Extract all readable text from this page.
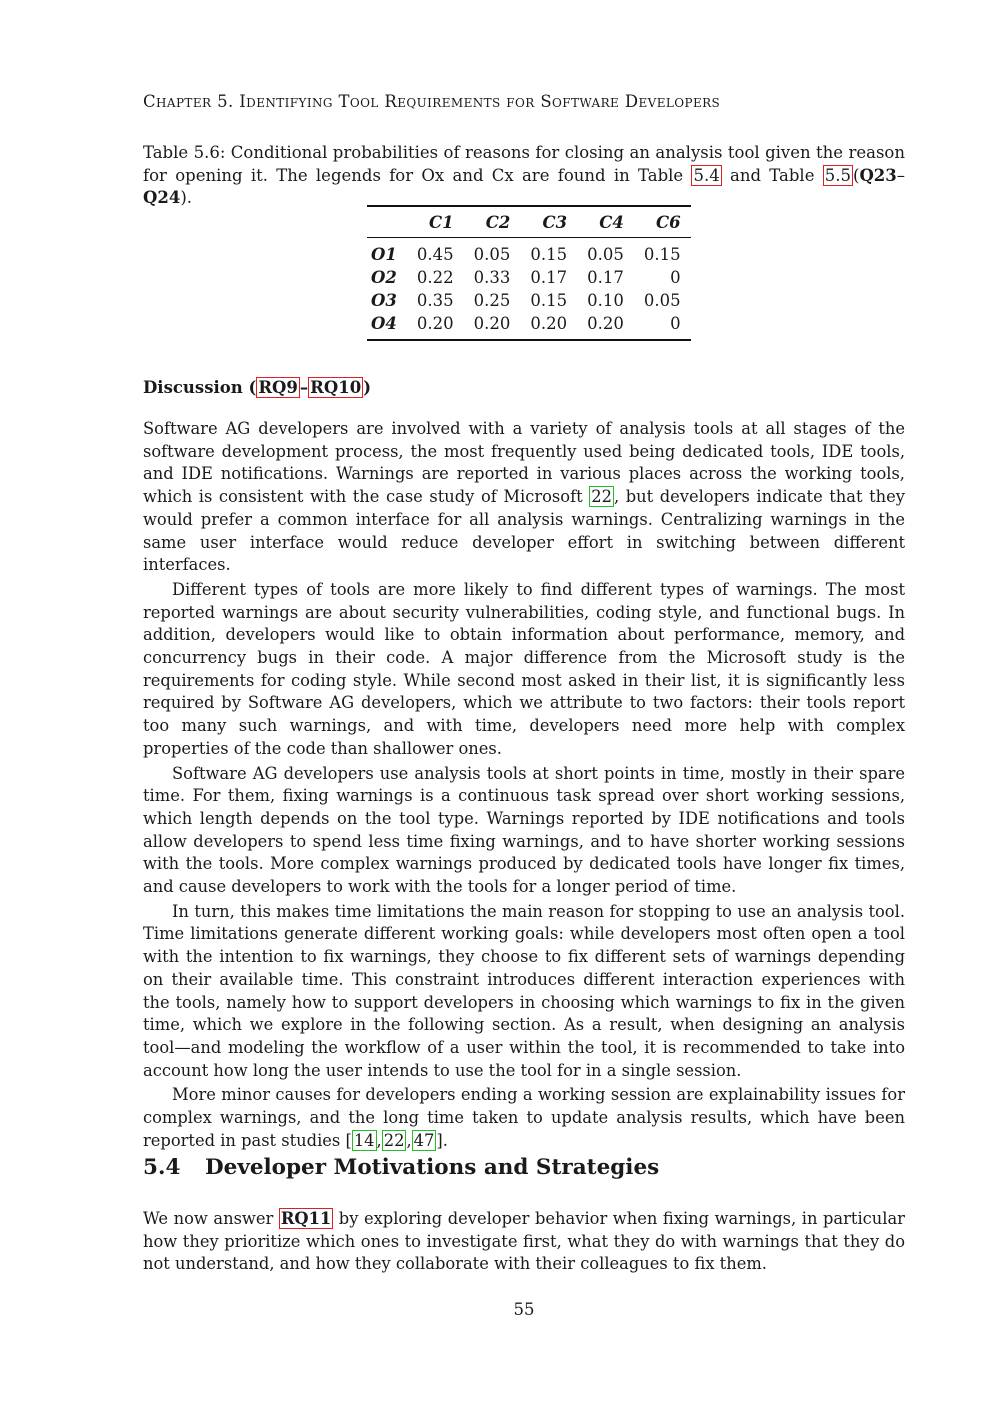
Chapter 5. Identifying Tool Requirements for Software Developers
Table 5.6: Conditional probabilities of reasons for closing an analysis tool given the reason for opening it. The legends for Ox and Cx are found in Table 5.4 and Table 5.5 (Q23–Q24).
	C1	C2	C3	C4	C6
O1	0.45	0.05	0.15	0.05	0.15
O2	0.22	0.33	0.17	0.17	0
O3	0.35	0.25	0.15	0.10	0.05
O4	0.20	0.20	0.20	0.20	0
Discussion ( RQ9 – RQ10 )

Software AG developers are involved with a variety of analysis tools at all stages of the software development process, the most frequently used being dedicated tools, IDE tools, and IDE notifications. Warnings are reported in various places across the working tools, which is consistent with the case study of Microsoft 22 , but developers indicate that they would prefer a common interface for all analysis warnings. Centralizing warnings in the same user interface would reduce developer effort in switching between different interfaces.

Different types of tools are more likely to find different types of warnings. The most reported warnings are about security vulnerabilities, coding style, and functional bugs. In addition, developers would like to obtain information about performance, memory, and concurrency bugs in their code. A major difference from the Microsoft study is the requirements for coding style. While second most asked in their list, it is significantly less required by Software AG developers, which we attribute to two factors: their tools report too many such warnings, and with time, developers need more help with complex properties of the code than shallower ones.

Software AG developers use analysis tools at short points in time, mostly in their spare time. For them, fixing warnings is a continuous task spread over short working sessions, which length depends on the tool type. Warnings reported by IDE notifications and tools allow developers to spend less time fixing warnings, and to have shorter working sessions with the tools. More complex warnings produced by dedicated tools have longer fix times, and cause developers to work with the tools for a longer period of time.

In turn, this makes time limitations the main reason for stopping to use an analysis tool. Time limitations generate different working goals: while developers most often open a tool with the intention to fix warnings, they choose to fix different sets of warnings depending on their available time. This constraint introduces different interaction experiences with the tools, namely how to support developers in choosing which warnings to fix in the given time, which we explore in the following section. As a result, when designing an analysis tool—and modeling the workflow of a user within the tool, it is recommended to take into account how long the user intends to use the tool for in a single session.

More minor causes for developers ending a working session are explainability issues for complex warnings, and the long time taken to update analysis results, which have been reported in past studies [ 14 , 22 , 47 ].

5.4 Developer Motivations and Strategies
We now answer RQ11 by exploring developer behavior when fixing warnings, in particular how they prioritize which ones to investigate first, what they do with warnings that they do not understand, and how they collaborate with their colleagues to fix them.
55
